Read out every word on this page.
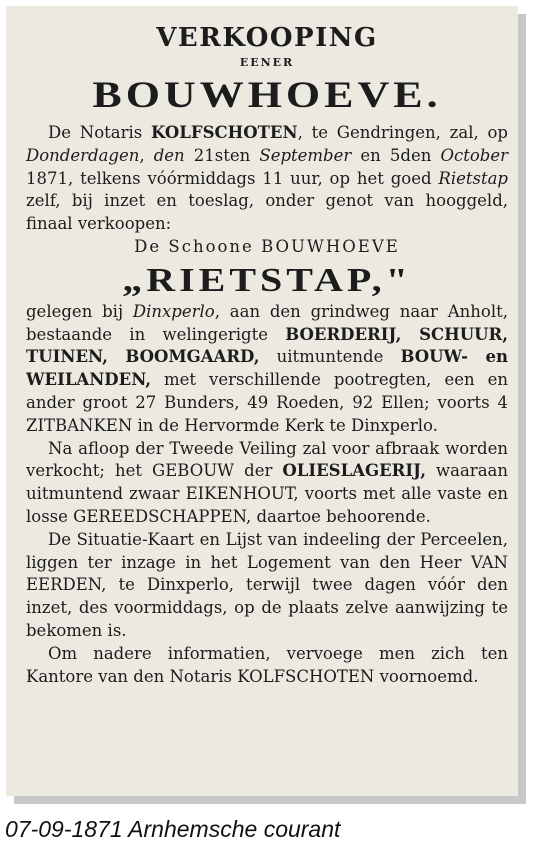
VERKOOPING

EENER

BOUWHOEVE.

De Notaris KOLFSCHOTEN, te Gendringen, zal, op Donderdagen, den 21sten September en 5den October 1871, telkens vóórmiddags 11 uur, op het goed Rietstap zelf, bij inzet en toeslag, onder genot van hooggeld, finaal verkoopen:

De Schoone BOUWHOEVE

„RIETSTAP,"

gelegen bij Dinxperlo, aan den grindweg naar Anholt, bestaande in welingerigte BOERDERIJ, SCHUUR, TUINEN, BOOMGAARD, uitmuntende BOUW- en WEILANDEN, met verschillende pootregten, een en ander groot 27 Bunders, 49 Roeden, 92 Ellen; voorts 4 ZITBANKEN in de Hervormde Kerk te Dinxperlo.

Na afloop der Tweede Veiling zal voor afbraak worden verkocht; het GEBOUW der OLIESLAGERIJ, waaraan uitmuntend zwaar EIKENHOUT, voorts met alle vaste en losse GEREEDSCHAPPEN, daartoe behoorende.

De Situatie-Kaart en Lijst van indeeling der Perceelen, liggen ter inzage in het Logement van den Heer VAN EERDEN, te Dinxperlo, terwijl twee dagen vóór den inzet, des voormiddags, op de plaats zelve aanwijzing te bekomen is.

Om nadere informatien, vervoege men zich ten Kantore van den Notaris KOLFSCHOTEN voornoemd.

07-09-1871 Arnhemsche courant
